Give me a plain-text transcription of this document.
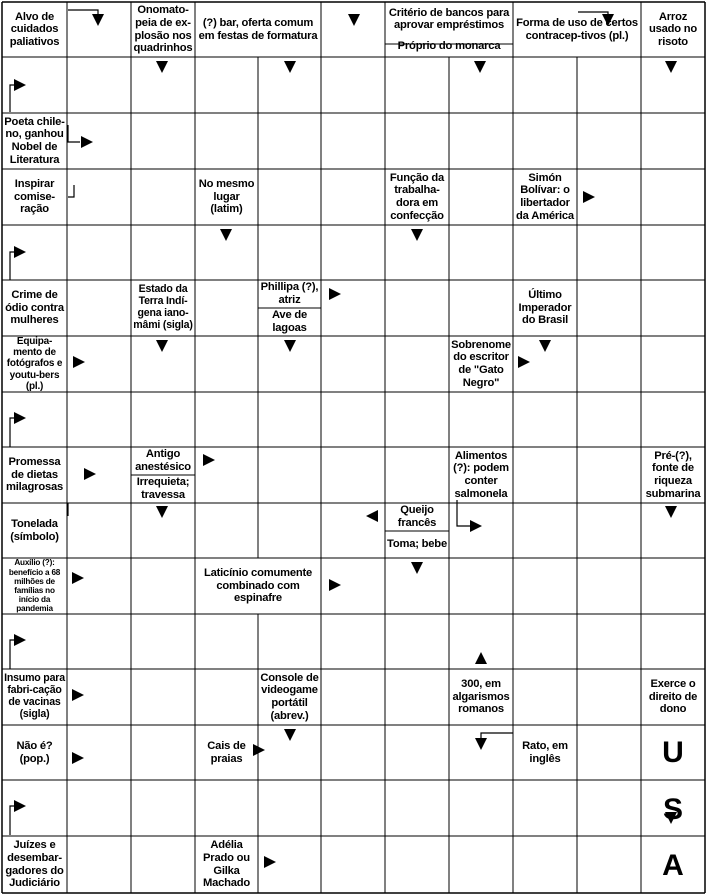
Alvo de cuidados paliativos
Onomato-peia de ex-plosão nos quadrinhos
(?) bar, oferta comum em festas de formatura
Critério de bancos para aprovar empréstimos	Forma de uso de certos contracep-tivos (pl.)
Arroz usado no risoto
Próprio do monarca
Poeta chile-no, ganhou Nobel de Literatura
Inspirar comise-ração
No mesmo lugar (latim)
Função da trabalha-dora em confecção
Simón Bolívar: o libertador da América
Crime de ódio contra mulheres
Estado da Terra Indí-gena iano-mâmi (sigla)
Phillipa (?), atriz
Ave de lagoas
Último Imperador do Brasil
Equipa-mento de fotógrafos e youtu-bers (pl.)
Sobrenome do escritor de "Gato Negro"
Promessa de dietas milagrosas
Antigo anestésico
Irrequieta; travessa
Alimentos (?): podem conter salmonela
Pré-(?), fonte de riqueza submarina
Tonelada (símbolo)
Queijo francês
Toma; bebe
Auxílio (?): benefício a 68 milhões de famílias no início da pandemia
Laticínio comumente combinado com espinafre
Insumo para fabri-cação de vacinas (sigla)
Console de videogame portátil (abrev.)
300, em algarismos romanos
Exerce o direito de dono
Não é? (pop.)
Cais de praias
Rato, em inglês
Juízes e desembar-gadores do Judiciário
Adélia Prado ou Gilka Machado
U
S
A
